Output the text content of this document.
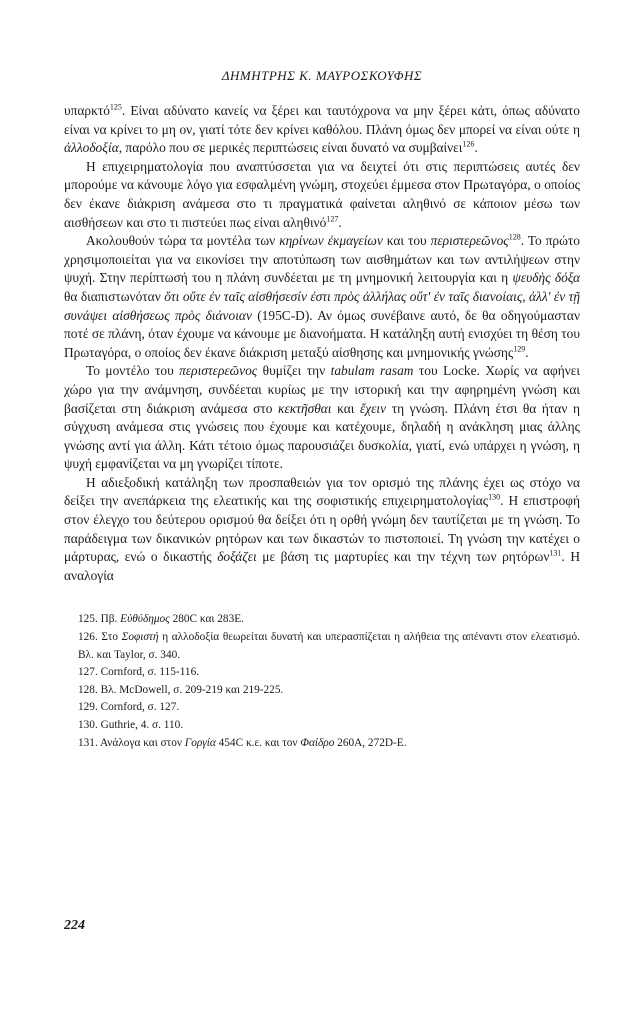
ΔΗΜΗΤΡΗΣ Κ. ΜΑΥΡΟΣΚΟΥΦΗΣ

υπαρκτό$^{125}$. Είναι αδύνατο κανείς να ξέρει και ταυτόχρονα να μην ξέρει κάτι, όπως αδύνατο είναι να κρίνει το μη ον, γιατί τότε δεν κρίνει καθόλου. Πλάνη όμως δεν μπορεί να είναι ούτε η ἀλλοδοξία, παρόλο που σε μερικές περιπτώσεις είναι δυνατό να συμβαίνει$^{126}$.

Η επιχειρηματολογία που αναπτύσσεται για να δειχτεί ότι στις περιπτώσεις αυτές δεν μπορούμε να κάνουμε λόγο για εσφαλμένη γνώμη, στοχεύει έμμεσα στον Πρωταγόρα, ο οποίος δεν έκανε διάκριση ανάμεσα στο τι πραγματικά φαίνεται αληθινό σε κάποιον μέσω των αισθήσεων και στο τι πιστεύει πως είναι αληθινό$^{127}$.

Ακολουθούν τώρα τα μοντέλα των κηρίνων ἐκμαγείων και του περιστερεῶνος$^{128}$. Το πρώτο χρησιμοποιείται για να εικονίσει την αποτύπωση των αισθημάτων και των αντιλήψεων στην ψυχή. Στην περίπτωσή του η πλάνη συνδέεται με τη μνημονική λειτουργία και η ψευδὴς δόξα θα διαπιστωνόταν ὅτι οὔτε ἐν ταῖς αἰσθήσεσίν ἐστι πρὸς ἀλλήλας οὔτ' ἐν ταῖς διανοίαις, ἀλλ' ἐν τῇ συνάψει αἰσθήσεως πρὸς διάνοιαν (195C-D). Αν όμως συνέβαινε αυτό, δε θα οδηγούμασταν ποτέ σε πλάνη, όταν έχουμε να κάνουμε με διανοήματα. Η κατάληξη αυτή ενισχύει τη θέση του Πρωταγόρα, ο οποίος δεν έκανε διάκριση μεταξύ αίσθησης και μνημονικής γνώσης$^{129}$.

Το μοντέλο του περιστερεῶνος θυμίζει την tabulam rasam του Locke. Χωρίς να αφήνει χώρο για την ανάμνηση, συνδέεται κυρίως με την ιστορική και την αφηρημένη γνώση και βασίζεται στη διάκριση ανάμεσα στο κεκτῆσθαι και ἔχειν τη γνώση. Πλάνη έτσι θα ήταν η σύγχυση ανάμεσα στις γνώσεις που έχουμε και κατέχουμε, δηλαδή η ανάκληση μιας άλλης γνώσης αντί για άλλη. Κάτι τέτοιο όμως παρουσιάζει δυσκολία, γιατί, ενώ υπάρχει η γνώση, η ψυχή εμφανίζεται να μη γνωρίζει τίποτε.

Η αδιεξοδική κατάληξη των προσπαθειών για τον ορισμό της πλάνης έχει ως στόχο να δείξει την ανεπάρκεια της ελεατικής και της σοφιστικής επιχειρηματολογίας$^{130}$. Η επιστροφή στον έλεγχο του δεύτερου ορισμού θα δείξει ότι η ορθή γνώμη δεν ταυτίζεται με τη γνώση. Το παράδειγμα των δικανικών ρητόρων και των δικαστών το πιστοποιεί. Τη γνώση την κατέχει ο μάρτυρας, ενώ ο δικαστής δοξάζει με βάση τις μαρτυρίες και την τέχνη των ρητόρων$^{131}$. Η αναλογία

125. Πβ. Εὐθύδημος 280C και 283E.
126. Στο Σοφιστή η αλλοδοξία θεωρείται δυνατή και υπερασπίζεται η αλήθεια της απέναντι στον ελεατισμό. Βλ. και Taylor, σ. 340.
127. Cornford, σ. 115-116.
128. Βλ. McDowell, σ. 209-219 και 219-225.
129. Cornford, σ. 127.
130. Guthrie, 4. σ. 110.
131. Ανάλογα και στον Γοργία 454C κ.ε. και τον Φαίδρο 260A, 272D-E.
224
